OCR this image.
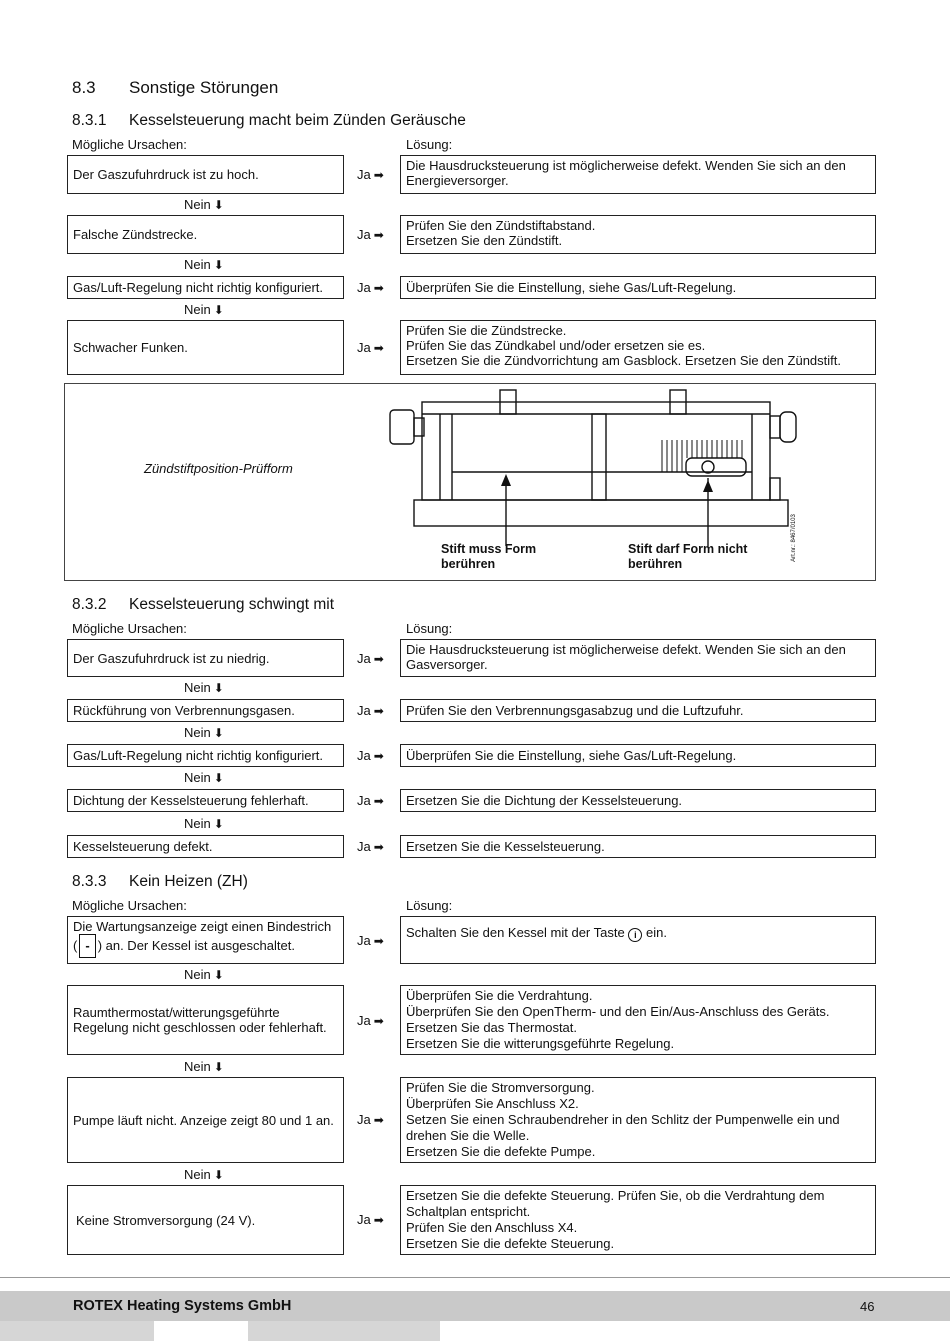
8.3 Sonstige Störungen
8.3.1 Kesselsteuerung macht beim Zünden Geräusche
Mögliche Ursachen:	Lösung:
Der Gaszufuhrdruck ist zu hoch.	Ja ➡
Die Hausdrucksteuerung ist möglicherweise defekt. Wenden Sie sich an den Energieversorger.
Nein ⬇
Falsche Zündstrecke.	Ja ➡
Prüfen Sie den Zündstiftabstand.
Ersetzen Sie den Zündstift.
Nein ⬇
Gas/Luft-Regelung nicht richtig konfiguriert.	Ja ➡ Überprüfen Sie die Einstellung, siehe Gas/Luft-Regelung.
Nein ⬇
Schwacher Funken.	Ja ➡
Prüfen Sie die Zündstrecke.
Prüfen Sie das Zündkabel und/oder ersetzen sie es.
Ersetzen Sie die Zündvorrichtung am Gasblock. Ersetzen Sie den Zündstift.
Zündstiftposition-Prüfform
Stift muss Form
berühren
Stift darf Form nicht
berühren
Art.nr.: 8467/0103
8.3.2 Kesselsteuerung schwingt mit
Mögliche Ursachen:	Lösung:
Der Gaszufuhrdruck ist zu niedrig.	Ja ➡
Die Hausdrucksteuerung ist möglicherweise defekt. Wenden Sie sich an den Gasversorger.
Nein ⬇
Rückführung von Verbrennungsgasen.	Ja ➡ Prüfen Sie den Verbrennungsgasabzug und die Luftzufuhr.
Nein ⬇
Gas/Luft-Regelung nicht richtig konfiguriert.	Ja ➡ Überprüfen Sie die Einstellung, siehe Gas/Luft-Regelung.
Nein ⬇
Dichtung der Kesselsteuerung fehlerhaft.	Ja ➡ Ersetzen Sie die Dichtung der Kesselsteuerung.
Nein ⬇
Kesselsteuerung defekt.	Ja ➡ Ersetzen Sie die Kesselsteuerung.
8.3.3 Kein Heizen (ZH)
Mögliche Ursachen:	Lösung:
Die Wartungsanzeige zeigt einen Bindestrich
( - ) an. Der Kessel ist ausgeschaltet.	Ja ➡
Schalten Sie den Kessel mit der Taste i ein.
Nein ⬇
Raumthermostat/witterungsgeführte Regelung nicht geschlossen oder fehlerhaft.	Ja ➡
Überprüfen Sie die Verdrahtung.
Überprüfen Sie den OpenTherm- und den Ein/Aus-Anschluss des Geräts.
Ersetzen Sie das Thermostat.
Ersetzen Sie die witterungsgeführte Regelung.
Nein ⬇
Pumpe läuft nicht. Anzeige zeigt 80 und 1 an. Ja ➡
Prüfen Sie die Stromversorgung.
Überprüfen Sie Anschluss X2.
Setzen Sie einen Schraubendreher in den Schlitz der Pumpenwelle ein und drehen Sie die Welle.
Ersetzen Sie die defekte Pumpe.
Nein ⬇
Keine Stromversorgung (24 V).	Ja ➡
Ersetzen Sie die defekte Steuerung. Prüfen Sie, ob die Verdrahtung dem Schaltplan entspricht.
Prüfen Sie den Anschluss X4.
Ersetzen Sie die defekte Steuerung.
ROTEX Heating Systems GmbH	46
